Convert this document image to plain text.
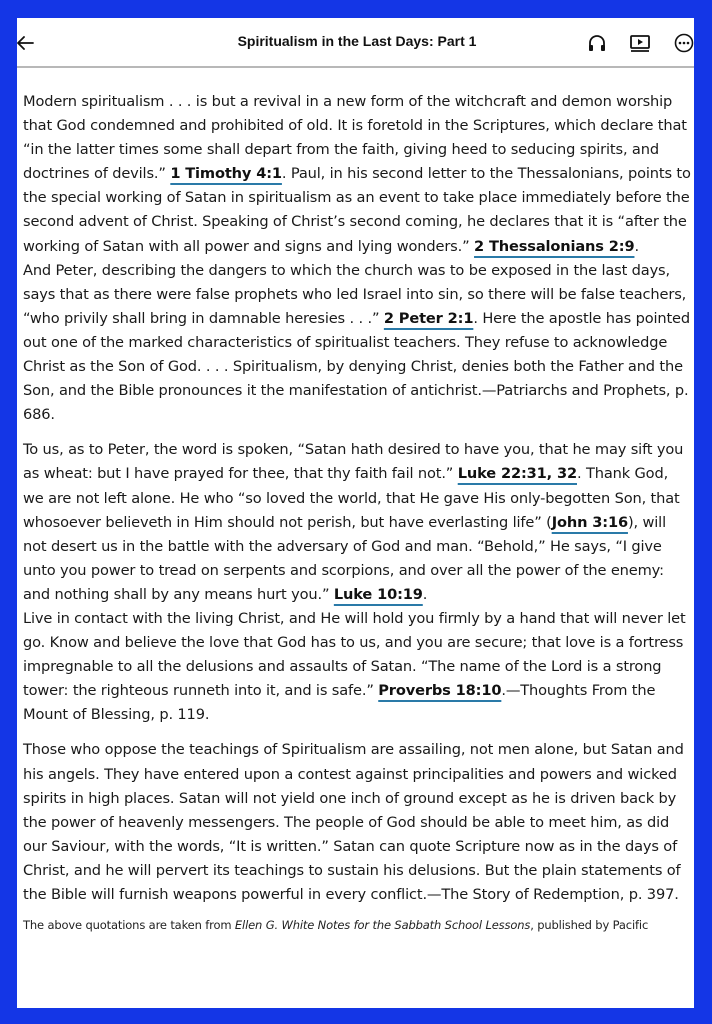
Spiritualism in the Last Days: Part 1

Modern spiritualism . . . is but a revival in a new form of the witchcraft and demon worship that God condemned and prohibited of old. It is foretold in the Scriptures, which declare that “in the latter times some shall depart from the faith, giving heed to seducing spirits, and doctrines of devils.” 1 Timothy 4:1. Paul, in his second letter to the Thessalonians, points to the special working of Satan in spiritualism as an event to take place immediately before the second advent of Christ. Speaking of Christ’s second coming, he declares that it is “after the working of Satan with all power and signs and lying wonders.” 2 Thessalonians 2:9.

And Peter, describing the dangers to which the church was to be exposed in the last days, says that as there were false prophets who led Israel into sin, so there will be false teachers, “who privily shall bring in damnable heresies . . .” 2 Peter 2:1. Here the apostle has pointed out one of the marked characteristics of spiritualist teachers. They refuse to acknowledge Christ as the Son of God. . . . Spiritualism, by denying Christ, denies both the Father and the Son, and the Bible pronounces it the manifestation of antichrist.—Patriarchs and Prophets, p. 686.

To us, as to Peter, the word is spoken, “Satan hath desired to have you, that he may sift you as wheat: but I have prayed for thee, that thy faith fail not.” Luke 22:31, 32. Thank God, we are not left alone. He who “so loved the world, that He gave His only-begotten Son, that whosoever believeth in Him should not perish, but have everlasting life” (John 3:16), will not desert us in the battle with the adversary of God and man. “Behold,” He says, “I give unto you power to tread on serpents and scorpions, and over all the power of the enemy: and nothing shall by any means hurt you.” Luke 10:19.

Live in contact with the living Christ, and He will hold you firmly by a hand that will never let go. Know and believe the love that God has to us, and you are secure; that love is a fortress impregnable to all the delusions and assaults of Satan. “The name of the Lord is a strong tower: the righteous runneth into it, and is safe.” Proverbs 18:10.—Thoughts From the Mount of Blessing, p. 119.

Those who oppose the teachings of Spiritualism are assailing, not men alone, but Satan and his angels. They have entered upon a contest against principalities and powers and wicked spirits in high places. Satan will not yield one inch of ground except as he is driven back by the power of heavenly messengers. The people of God should be able to meet him, as did our Saviour, with the words, “It is written.” Satan can quote Scripture now as in the days of Christ, and he will pervert its teachings to sustain his delusions. But the plain statements of the Bible will furnish weapons powerful in every conflict.—The Story of Redemption, p. 397.

The above quotations are taken from Ellen G. White Notes for the Sabbath School Lessons, published by Pacific
